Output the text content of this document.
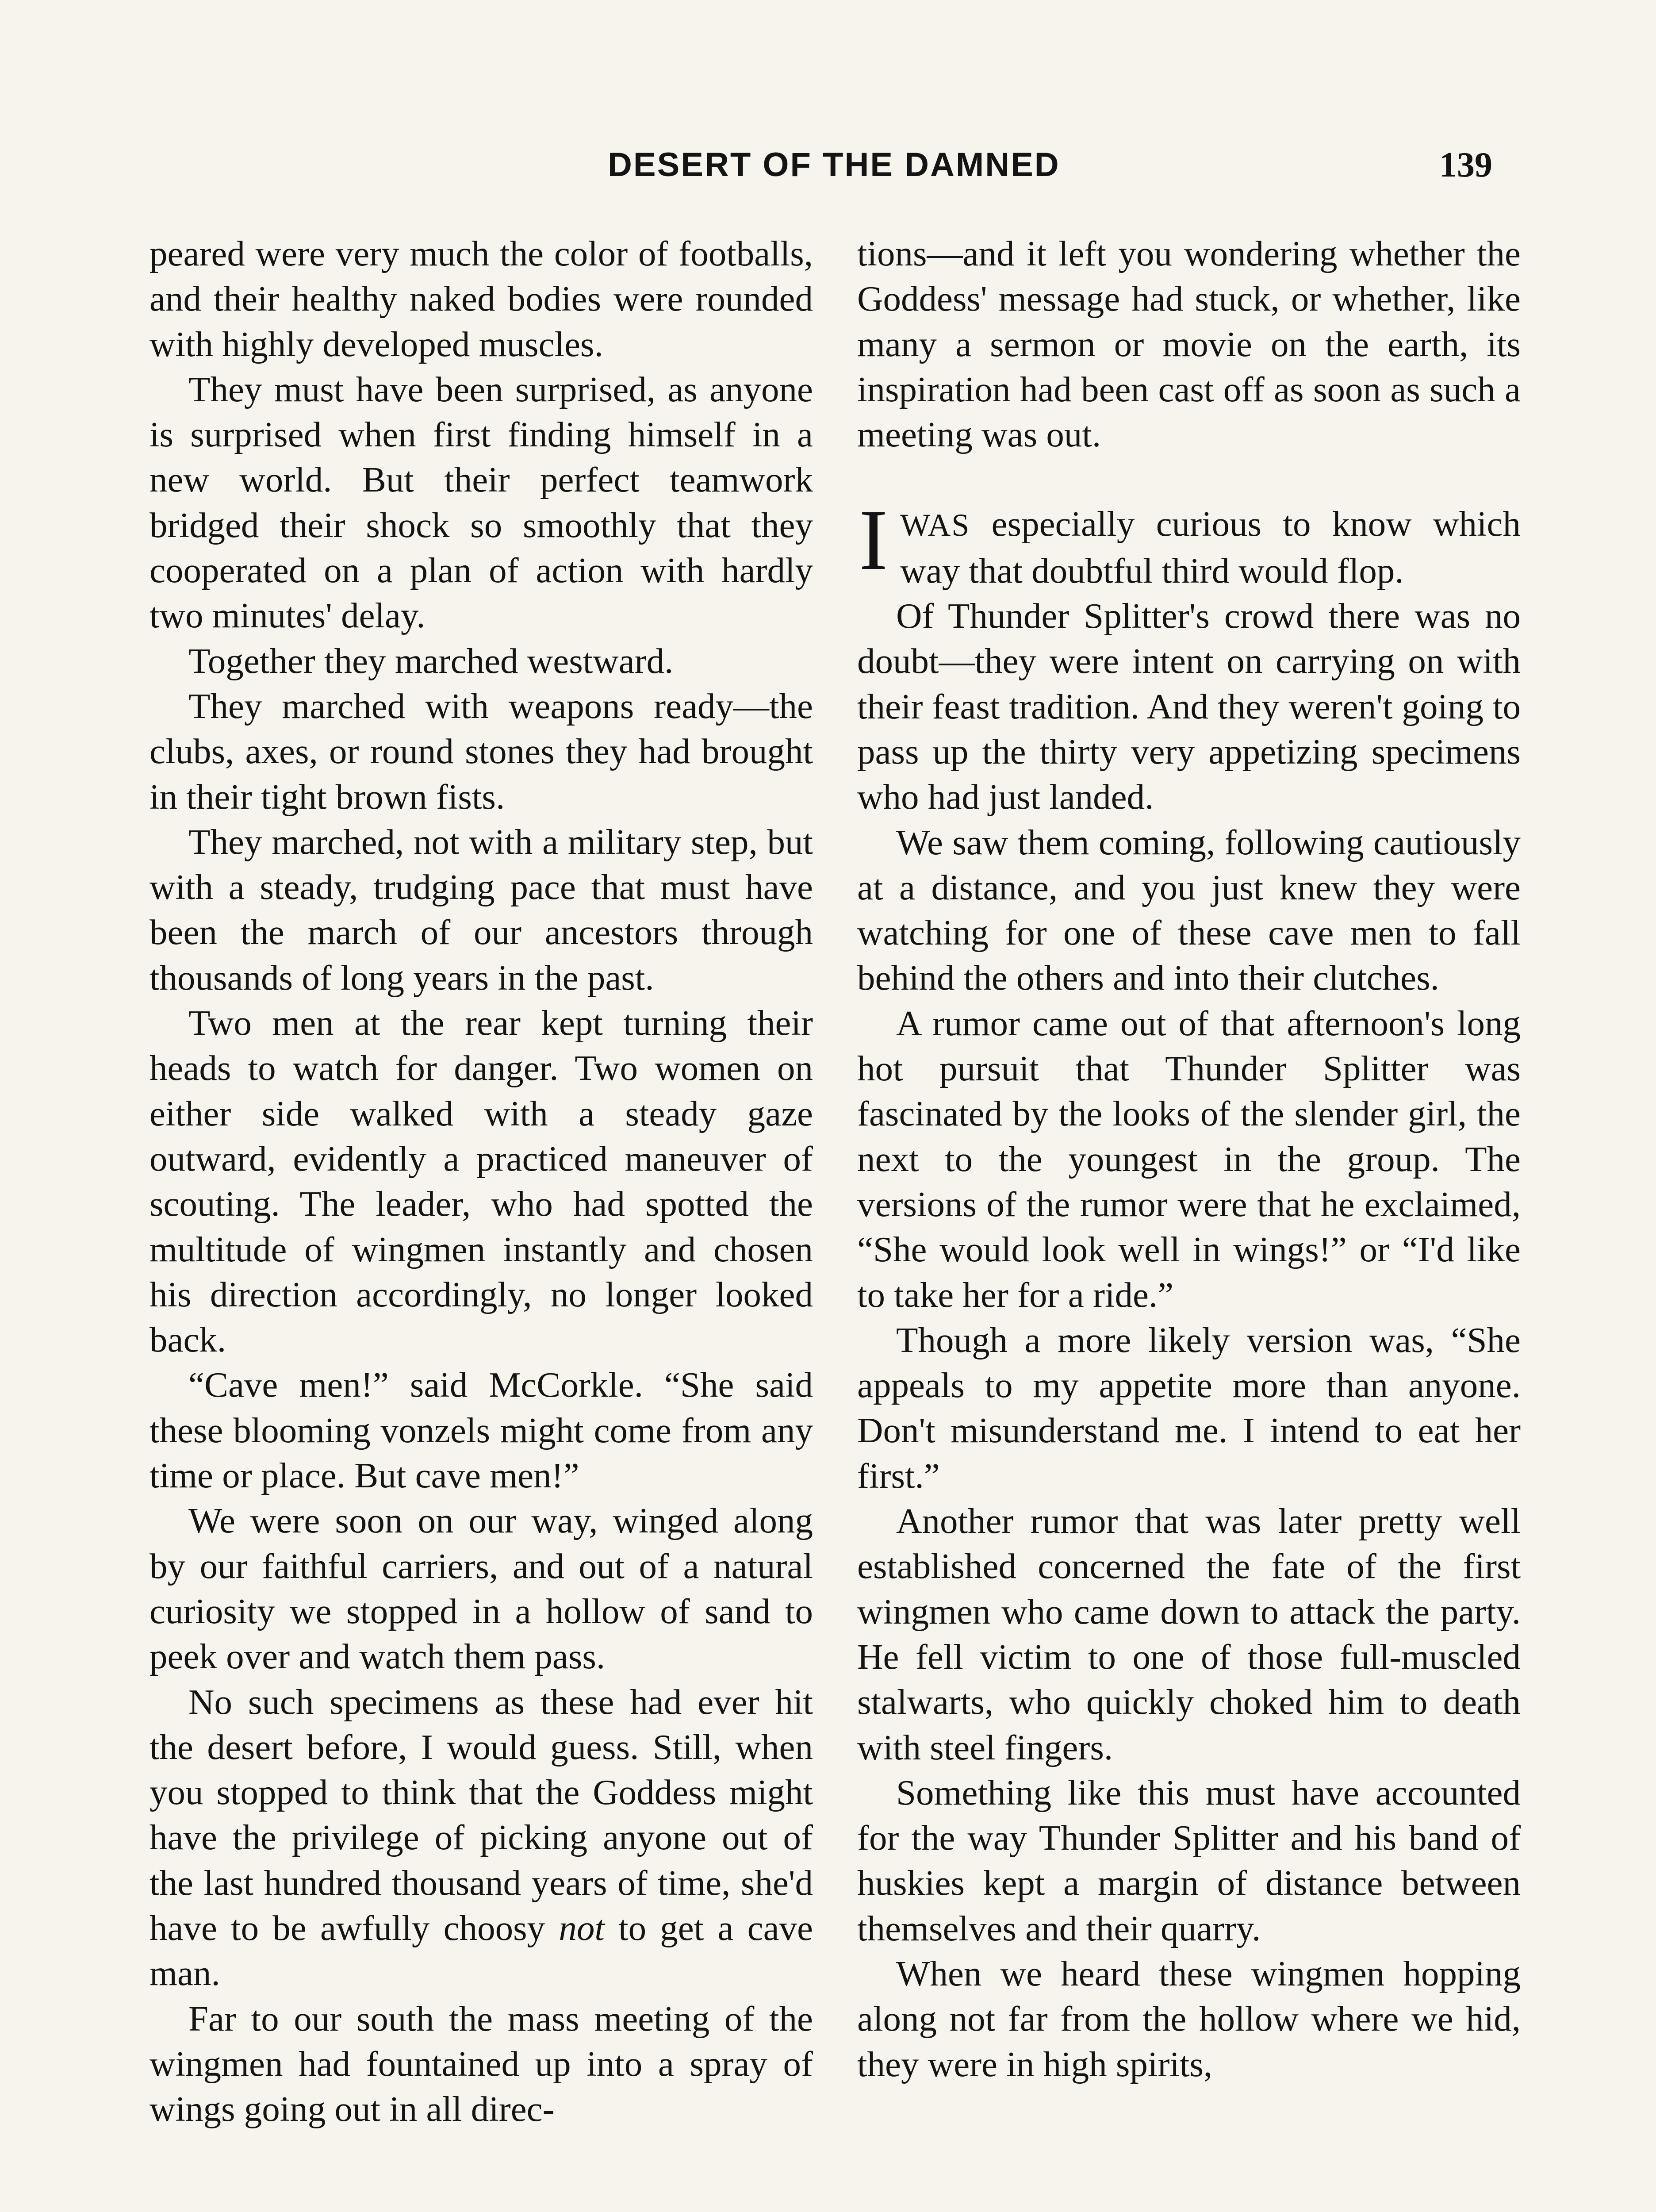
DESERT OF THE DAMNED	139

peared were very much the color of footballs, and their healthy naked bodies were rounded with highly developed muscles.

They must have been surprised, as anyone is surprised when first finding himself in a new world. But their perfect teamwork bridged their shock so smoothly that they cooperated on a plan of action with hardly two minutes' delay.

Together they marched westward.

They marched with weapons ready—the clubs, axes, or round stones they had brought in their tight brown fists.

They marched, not with a military step, but with a steady, trudging pace that must have been the march of our ancestors through thousands of long years in the past.

Two men at the rear kept turning their heads to watch for danger. Two women on either side walked with a steady gaze outward, evidently a practiced maneuver of scouting. The leader, who had spotted the multitude of wingmen instantly and chosen his direction accordingly, no longer looked back.

“Cave men!” said McCorkle. “She said these blooming vonzels might come from any time or place. But cave men!”

We were soon on our way, winged along by our faithful carriers, and out of a natural curiosity we stopped in a hollow of sand to peek over and watch them pass.

No such specimens as these had ever hit the desert before, I would guess. Still, when you stopped to think that the Goddess might have the privilege of picking anyone out of the last hundred thousand years of time, she'd have to be awfully choosy not to get a cave man.

Far to our south the mass meeting of the wingmen had fountained up into a spray of wings going out in all direc-

tions—and it left you wondering whether the Goddess' message had stuck, or whether, like many a sermon or movie on the earth, its inspiration had been cast off as soon as such a meeting was out.

IWAS especially curious to know which way that doubtful third would flop.

Of Thunder Splitter's crowd there was no doubt—they were intent on carrying on with their feast tradition. And they weren't going to pass up the thirty very appetizing specimens who had just landed.

We saw them coming, following cautiously at a distance, and you just knew they were watching for one of these cave men to fall behind the others and into their clutches.

A rumor came out of that afternoon's long hot pursuit that Thunder Splitter was fascinated by the looks of the slender girl, the next to the youngest in the group. The versions of the rumor were that he exclaimed, “She would look well in wings!” or “I'd like to take her for a ride.”

Though a more likely version was, “She appeals to my appetite more than anyone. Don't misunderstand me. I intend to eat her first.”

Another rumor that was later pretty well established concerned the fate of the first wingmen who came down to attack the party. He fell victim to one of those full-muscled stalwarts, who quickly choked him to death with steel fingers.

Something like this must have accounted for the way Thunder Splitter and his band of huskies kept a margin of distance between themselves and their quarry.

When we heard these wingmen hopping along not far from the hollow where we hid, they were in high spirits,
